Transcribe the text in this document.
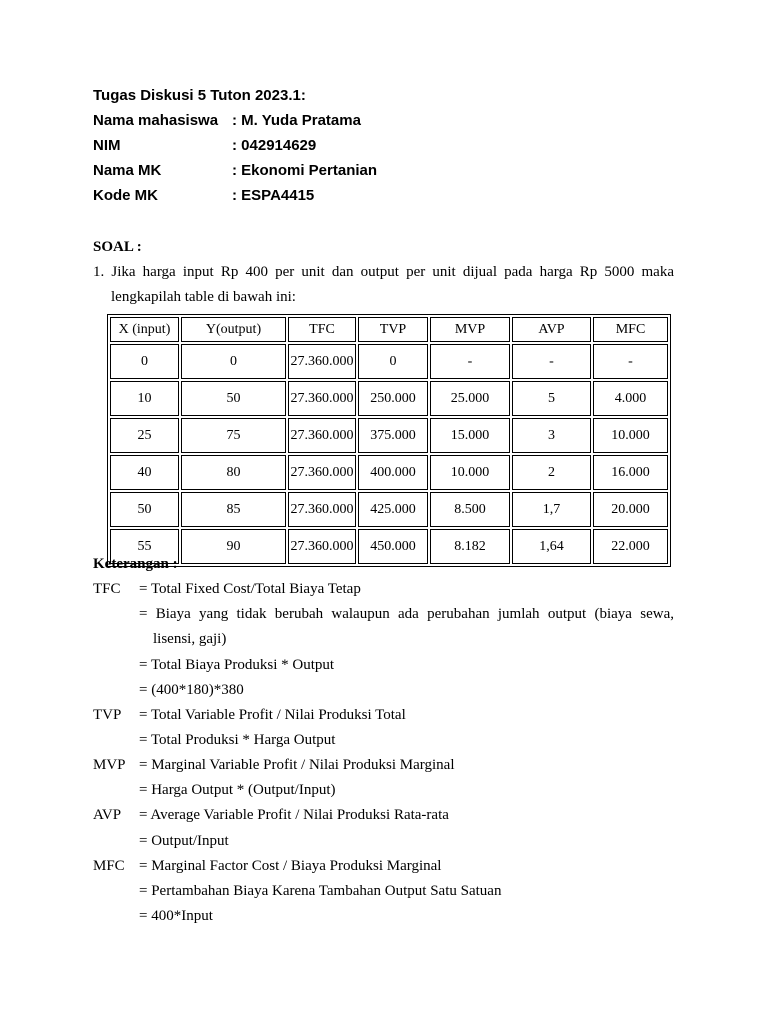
Tugas Diskusi 5 Tuton 2023.1:
Nama mahasiswa : M. Yuda Pratama
NIM	: 042914629
Nama MK	: Ekonomi Pertanian
Kode MK	: ESPA4415
SOAL :
1. Jika harga input Rp 400 per unit dan output per unit dijual pada harga Rp 5000 maka
lengkapilah table di bawah ini:
X (input)	Y(output)	TFC	TVP	MVP	AVP	MFC
0	0	27.360.000	0	-	-	-
10	50	27.360.000	250.000	25.000	5	4.000
25	75	27.360.000	375.000	15.000	3	10.000
40	80	27.360.000	400.000	10.000	2	16.000
50	85	27.360.000	425.000	8.500	1,7	20.000
55	90	27.360.000	450.000	8.182	1,64	22.000
Keterangan :
TFC = Total Fixed Cost/Total Biaya Tetap
= Biaya yang tidak berubah walaupun ada perubahan jumlah output (biaya sewa,
lisensi, gaji)
= Total Biaya Produksi * Output
= (400*180)*380
TVP = Total Variable Profit / Nilai Produksi Total
= Total Produksi * Harga Output
MVP = Marginal Variable Profit / Nilai Produksi Marginal
= Harga Output * (Output/Input)
AVP = Average Variable Profit / Nilai Produksi Rata-rata
= Output/Input
MFC = Marginal Factor Cost / Biaya Produksi Marginal
= Pertambahan Biaya Karena Tambahan Output Satu Satuan
= 400*Input
